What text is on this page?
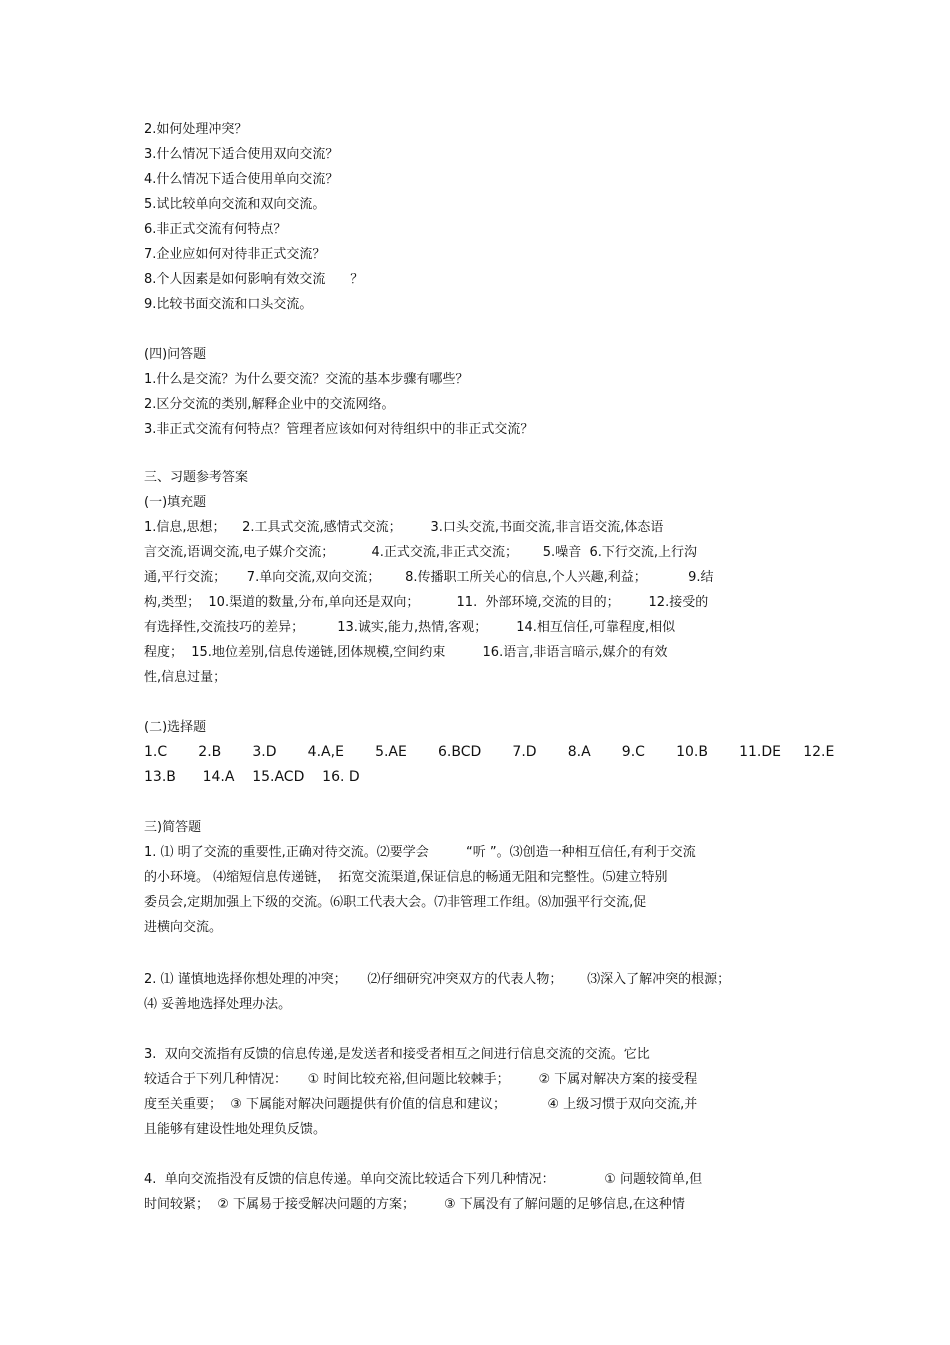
2.如何处理冲突？
3.什么情况下适合使用双向交流？
4.什么情况下适合使用单向交流？
5.试比较单向交流和双向交流。
6.非正式交流有何特点？
7.企业应如何对待非正式交流？
8.个人因素是如何影响有效交流      ？
9.比较书面交流和口头交流。
(四)问答题
1.什么是交流？为什么要交流？交流的基本步骤有哪些？
2.区分交流的类别,解释企业中的交流网络。
3.非正式交流有何特点？管理者应该如何对待组织中的非正式交流？
三、习题参考答案
(一)填充题
1.信息,思想；    2.工具式交流,感情式交流；       3.口头交流,书面交流,非言语交流,体态语
言交流,语调交流,电子媒介交流；         4.正式交流,非正式交流；      5.噪音  6.下行交流,上行沟
通,平行交流；     7.单向交流,双向交流；      8.传播职工所关心的信息,个人兴趣,利益；          9.结
构,类型；  10.渠道的数量,分布,单向还是双向；         11.  外部环境,交流的目的；       12.接受的
有选择性,交流技巧的差异；        13.诚实,能力,热情,客观；       14.相互信任,可靠程度,相似
程度；  15.地位差别,信息传递链,团体规模,空间约束         16.语言,非语言暗示,媒介的有效
性,信息过量；
(二)选择题
1.C       2.B       3.D       4.A,E       5.AE       6.BCD       7.D       8.A       9.C       10.B       11.DE     12.E
13.B      14.A    15.ACD    16. D
三)简答题
1. ⑴ 明了交流的重要性,正确对待交流。⑵要学会         “听 ”。⑶创造一种相互信任,有利于交流
的小环境。 ⑷缩短信息传递链，  拓宽交流渠道,保证信息的畅通无阻和完整性。⑸建立特别
委员会,定期加强上下级的交流。⑹职工代表大会。⑺非管理工作组。⑻加强平行交流,促
进横向交流。
2. ⑴ 谨慎地选择你想处理的冲突；     ⑵仔细研究冲突双方的代表人物；      ⑶深入了解冲突的根源；
⑷ 妥善地选择处理办法。
3.  双向交流指有反馈的信息传递,是发送者和接受者相互之间进行信息交流的交流。它比
较适合于下列几种情况：     ① 时间比较充裕,但问题比较棘手；       ② 下属对解决方案的接受程
度至关重要；  ③ 下属能对解决问题提供有价值的信息和建议；          ④ 上级习惯于双向交流,并
且能够有建设性地处理负反馈。
4.  单向交流指没有反馈的信息传递。单向交流比较适合下列几种情况：            ① 问题较简单,但
时间较紧；  ② 下属易于接受解决问题的方案；       ③ 下属没有了解问题的足够信息,在这种情
